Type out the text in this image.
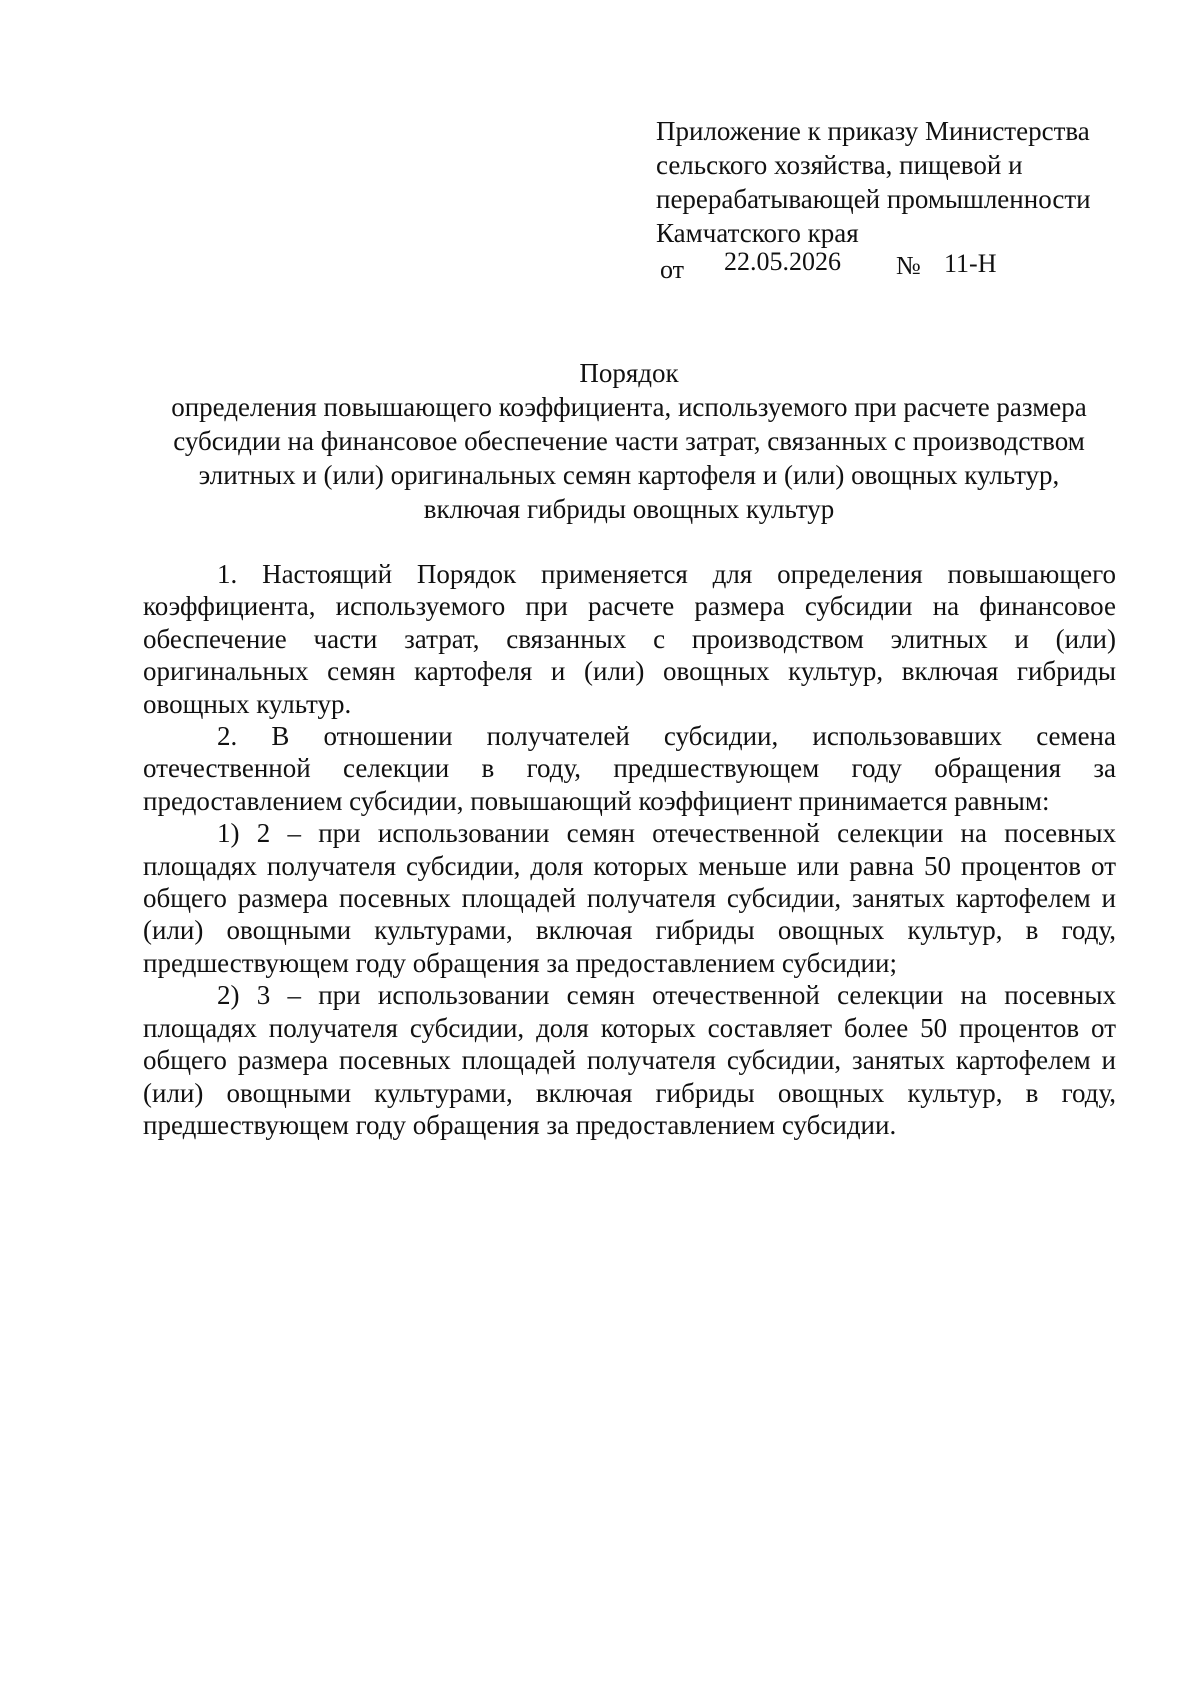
Приложение к приказу Министерства
сельского хозяйства, пищевой и
перерабатывающей промышленности
Камчатского края
от 22.05.2026 № 11-Н
Порядок
определения повышающего коэффициента, используемого при расчете размера
субсидии на финансовое обеспечение части затрат, связанных с производством
элитных и (или) оригинальных семян картофеля и (или) овощных культур,
включая гибриды овощных культур

1. Настоящий Порядок применяется для определения повышающего коэффициента, используемого при расчете размера субсидии на финансовое обеспечение части затрат, связанных с производством элитных и (или) оригинальных семян картофеля и (или) овощных культур, включая гибриды овощных культур.

2. В отношении получателей субсидии, использовавших семена отечественной селекции в году, предшествующем году обращения за предоставлением субсидии, повышающий коэффициент принимается равным:

1) 2 – при использовании семян отечественной селекции на посевных площадях получателя субсидии, доля которых меньше или равна 50 процентов от общего размера посевных площадей получателя субсидии, занятых картофелем и (или) овощными культурами, включая гибриды овощных культур, в году, предшествующем году обращения за предоставлением субсидии;

2) 3 – при использовании семян отечественной селекции на посевных площадях получателя субсидии, доля которых составляет более 50 процентов от общего размера посевных площадей получателя субсидии, занятых картофелем и (или) овощными культурами, включая гибриды овощных культур, в году, предшествующем году обращения за предоставлением субсидии.
